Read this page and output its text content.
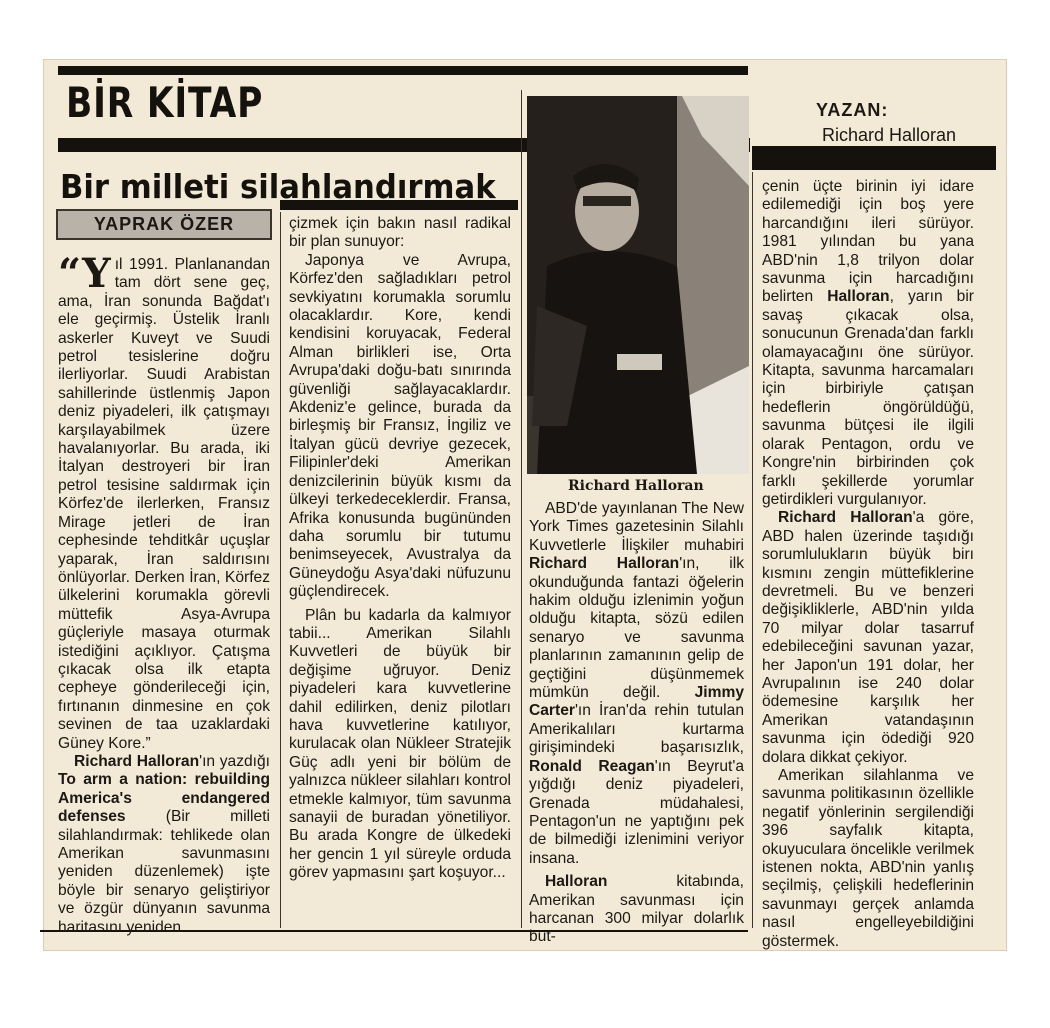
BİR KİTAP	YAZAN:
Richard Halloran
Bir milleti silahlandırmak
YAPRAK ÖZER
Richard Halloran

“Y ıl 1991. Planlanandan tam dört sene geç, ama, İran sonunda Bağdat'ı ele geçirmiş. Üstelik İranlı askerler Kuveyt ve Suudi petrol tesislerine doğru ilerliyorlar. Suudi Arabistan sahillerinde üstlenmiş Japon deniz piyadeleri, ilk çatışmayı karşılayabilmek üzere havalanıyorlar. Bu arada, iki İtalyan destroyeri bir İran petrol tesisine saldırmak için Körfez'de ilerlerken, Fransız Mirage jetleri de İran cephesinde tehditkâr uçuşlar yaparak, İran saldırısını önlüyorlar. Derken İran, Körfez ülkelerini korumakla görevli müttefik Asya-Avrupa güçleriyle masaya oturmak istediğini açıklıyor. Çatışma çıkacak olsa ilk etapta cepheye gönderileceği için, fırtınanın dinmesine en çok sevinen de taa uzaklardaki Güney Kore.”

Richard Halloran'ın yazdığı To arm a nation: rebuilding America's endangered defenses (Bir milleti silahlandırmak: tehlikede olan Amerikan savunmasını yeniden düzenlemek) işte böyle bir senaryo geliştiriyor ve özgür dünyanın savunma haritasını yeniden

çizmek için bakın nasıl radikal bir plan sunuyor:

Japonya ve Avrupa, Körfez'den sağladıkları petrol sevkiyatını korumakla sorumlu olacaklardır. Kore, kendi kendisini koruyacak, Federal Alman birlikleri ise, Orta Avrupa'daki doğu-batı sınırında güvenliği sağlayacaklardır. Akdeniz'e gelince, burada da birleşmiş bir Fransız, İngiliz ve İtalyan gücü devriye gezecek, Filipinler'deki Amerikan denizcilerinin büyük kısmı da ülkeyi terkedeceklerdir. Fransa, Afrika konusunda bugününden daha sorumlu bir tutumu benimseyecek, Avustralya da Güneydoğu Asya'daki nüfuzunu güçlendirecek.

Plân bu kadarla da kalmıyor tabii... Amerikan Silahlı Kuvvetleri de büyük bir değişime uğruyor. Deniz piyadeleri kara kuvvetlerine dahil edilirken, deniz pilotları hava kuvvetlerine katılıyor, kurulacak olan Nükleer Stratejik Güç adlı yeni bir bölüm de yalnızca nükleer silahları kontrol etmekle kalmıyor, tüm savunma sanayii de buradan yönetiliyor. Bu arada Kongre de ülkedeki her gencin 1 yıl süreyle orduda görev yapmasını şart koşuyor...

ABD'de yayınlanan The New York Times gazetesinin Silahlı Kuvvetlerle İlişkiler muhabiri Richard Halloran'ın, ilk okunduğunda fantazi öğelerin hakim olduğu izlenimin yoğun olduğu kitapta, sözü edilen senaryo ve savunma planlarının zamanının gelip de geçtiğini düşünmemek mümkün değil. Jimmy Carter'ın İran'da rehin tutulan Amerikalıları kurtarma girişimindeki başarısızlık, Ronald Reagan'ın Beyrut'a yığdığı deniz piyadeleri, Grenada müdahalesi, Pentagon'un ne yaptığını pek de bilmediği izlenimini veriyor insana.

Halloran kitabında, Amerikan savunması için harcanan 300 milyar dolarlık büt-

çenin üçte birinin iyi idare edilemediği için boş yere harcandığını ileri sürüyor. 1981 yılından bu yana ABD'nin 1,8 trilyon dolar savunma için harcadığını belirten Halloran, yarın bir savaş çıkacak olsa, sonucunun Grenada'dan farklı olamayacağını öne sürüyor. Kitapta, savunma harcamaları için birbiriyle çatışan hedeflerin öngörüldüğü, savunma bütçesi ile ilgili olarak Pentagon, ordu ve Kongre'nin birbirinden çok farklı şekillerde yorumlar getirdikleri vurgulanıyor.

Richard Halloran'a göre, ABD halen üzerinde taşıdığı sorumlulukların büyük birı kısmını zengin müttefiklerine devretmeli. Bu ve benzeri değişikliklerle, ABD'nin yılda 70 milyar dolar tasarruf edebileceğini savunan yazar, her Japon'un 191 dolar, her Avrupalının ise 240 dolar ödemesine karşılık her Amerikan vatandaşının savunma için ödediği 920 dolara dikkat çekiyor.

Amerikan silahlanma ve savunma politikasının özellikle negatif yönlerinin sergilendiği 396 sayfalık kitapta, okuyuculara öncelikle verilmek istenen nokta, ABD'nin yanlış seçilmiş, çelişkili hedeflerinin savunmayı gerçek anlamda nasıl engelleyebildiğini göstermek.
